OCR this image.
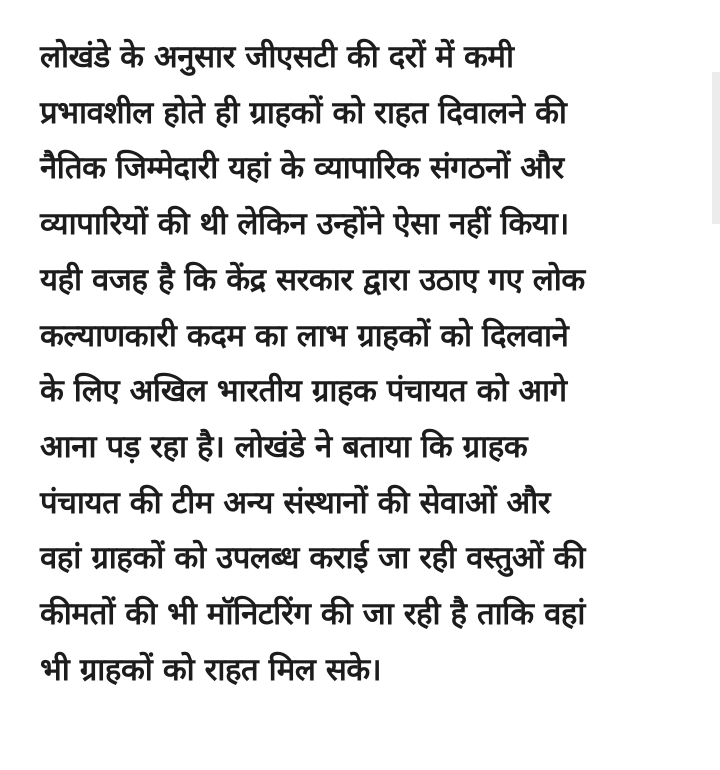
लोखंडे के अनुसार जीएसटी की दरों में कमी
प्रभावशील होते ही ग्राहकों को राहत दिवालने की
नैतिक जिम्मेदारी यहां के व्यापारिक संगठनों और
व्यापारियों की थी लेकिन उन्होंने ऐसा नहीं किया।
यही वजह है कि केंद्र सरकार द्वारा उठाए गए लोक
कल्याणकारी कदम का लाभ ग्राहकों को दिलवाने
के लिए अखिल भारतीय ग्राहक पंचायत को आगे
आना पड़ रहा है। लोखंडे ने बताया कि ग्राहक
पंचायत की टीम अन्य संस्थानों की सेवाओं और
वहां ग्राहकों को उपलब्ध कराई जा रही वस्तुओं की
कीमतों की भी मॉनिटरिंग की जा रही है ताकि वहां
भी ग्राहकों को राहत मिल सके।
